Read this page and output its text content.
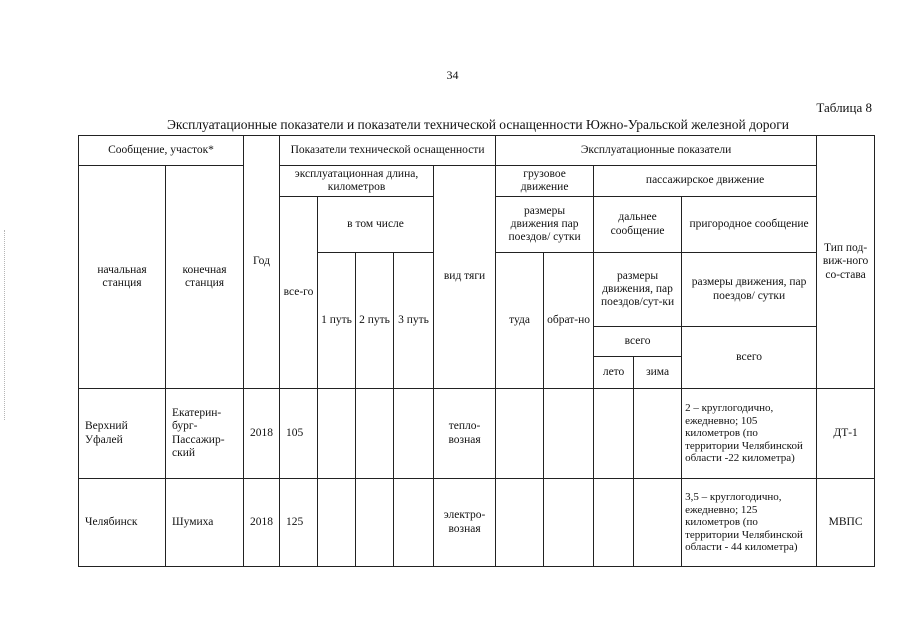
34
Таблица 8
Эксплуатационные показатели и показатели технической оснащенности Южно-Уральской железной дороги
Сообщение, участок*		Год	Показатели технической оснащенности					Эксплуатационные показатели					Тип под-виж-ного со-става
начальная станция	конечная станция		эксплуатационная длина, километров				вид тяги	грузовое движение		пассажирское движение			
			все-го	в том числе				размеры движения пар поездов/ сутки		дальнее сообщение		пригородное сообщение	
				1 путь	2 путь	3 путь		туда	обрат-но	размеры движения, пар поездов/сут-ки		размеры движения, пар поездов/ сутки	
										всего		всего	
										лето	зима		

Верхний Уфалей	Екатерин-бург-Пассажир-ский	2018	105				тепло-возная					2 – круглогодично, ежедневно; 105 километров (по территории Челябинской области -22 километра)	ДТ-1
Челябинск	Шумиха	2018	125				электро-возная					3,5 – круглогодично, ежедневно; 125 километров (по территории Челябинской области - 44 километра)	МВПС
